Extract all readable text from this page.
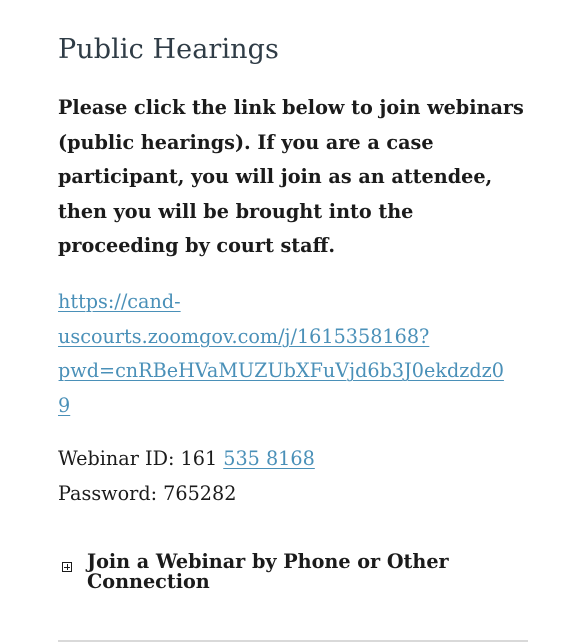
Public Hearings

Please click the link below to join webinars (public hearings). If you are a case participant, you will join as an attendee, then you will be brought into the proceeding by court staff.

https://cand-
uscourts.zoomgov.com/j/1615358168?
pwd=cnRBeHVaMUZUbXFuVjd6b3J0ekdzdz0
9
Webinar ID: 161 535 8168
Password: 765282
Join a Webinar by Phone or Other Connection
